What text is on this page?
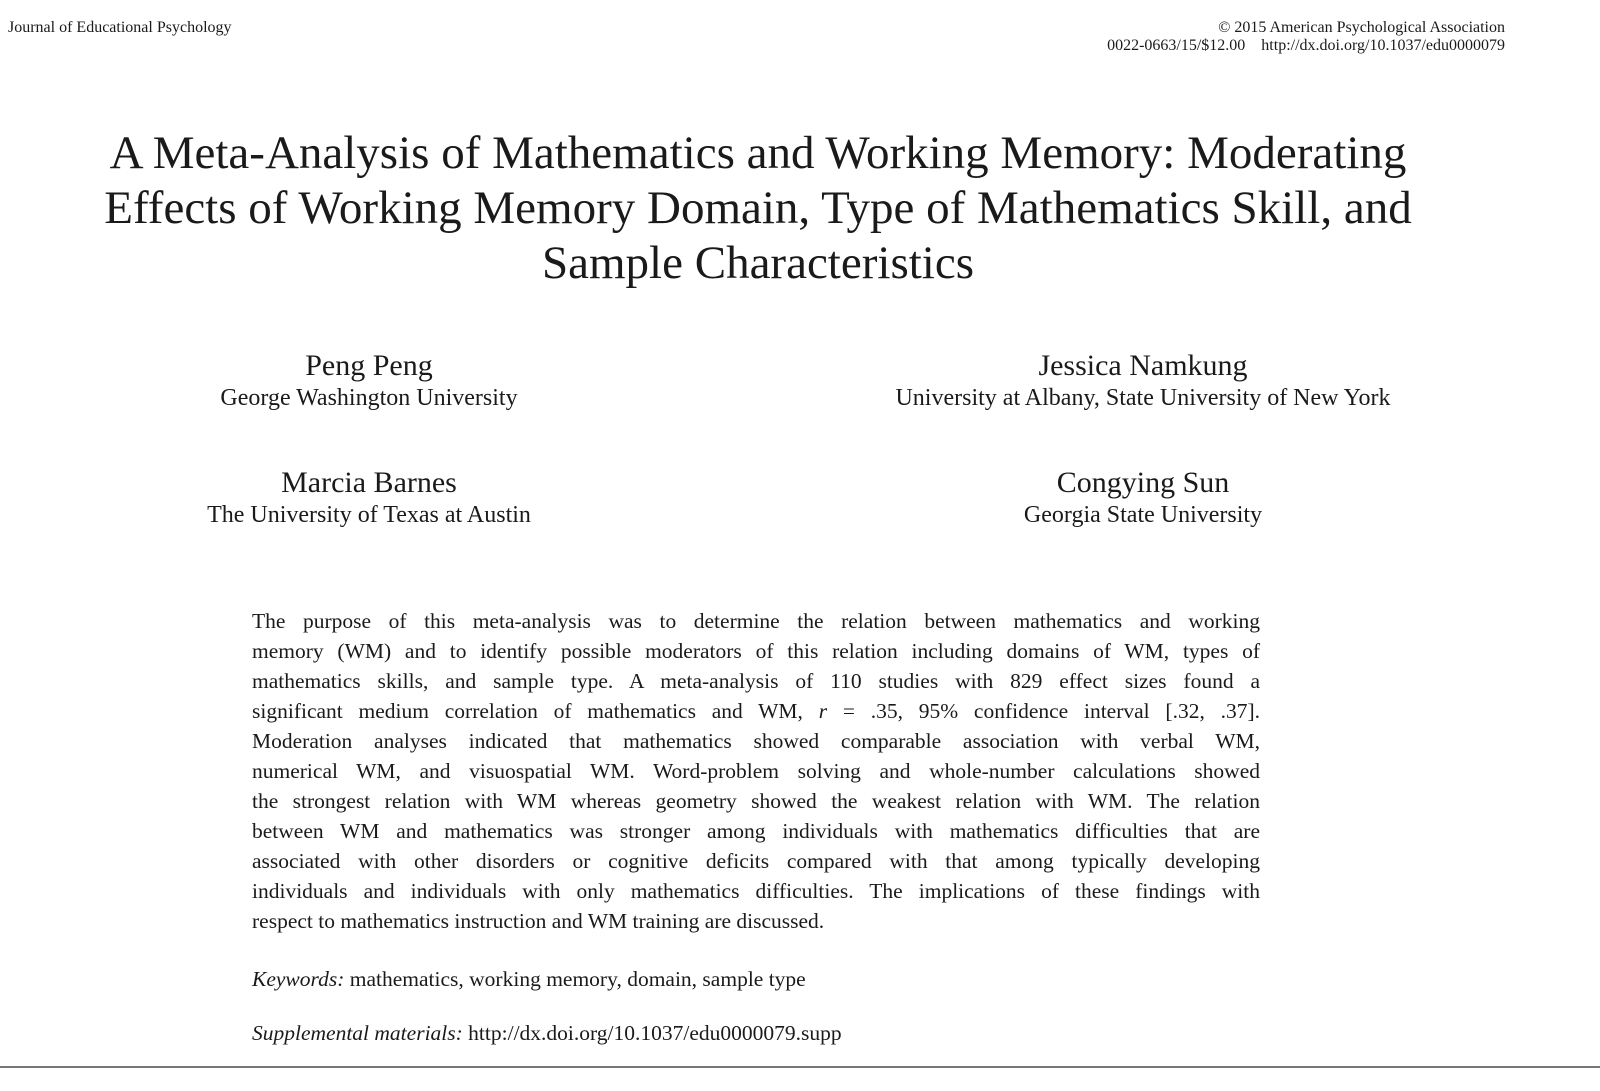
Journal of Educational Psychology	© 2015 American Psychological Association
0022-0663/15/$12.00    http://dx.doi.org/10.1037/edu0000079
A Meta-Analysis of Mathematics and Working Memory: Moderating
Effects of Working Memory Domain, Type of Mathematics Skill, and
Sample Characteristics
Peng Peng
George Washington University
Jessica Namkung
University at Albany, State University of New York
Marcia Barnes
The University of Texas at Austin
Congying Sun
Georgia State University
The purpose of this meta-analysis was to determine the relation between mathematics and working
memory (WM) and to identify possible moderators of this relation including domains of WM, types of
mathematics skills, and sample type. A meta-analysis of 110 studies with 829 effect sizes found a
significant medium correlation of mathematics and WM, r = .35, 95% confidence interval [.32, .37].
Moderation analyses indicated that mathematics showed comparable association with verbal WM,
numerical WM, and visuospatial WM. Word-problem solving and whole-number calculations showed
the strongest relation with WM whereas geometry showed the weakest relation with WM. The relation
between WM and mathematics was stronger among individuals with mathematics difficulties that are
associated with other disorders or cognitive deficits compared with that among typically developing
individuals and individuals with only mathematics difficulties. The implications of these findings with
respect to mathematics instruction and WM training are discussed.
Keywords: mathematics, working memory, domain, sample type
Supplemental materials: http://dx.doi.org/10.1037/edu0000079.supp
